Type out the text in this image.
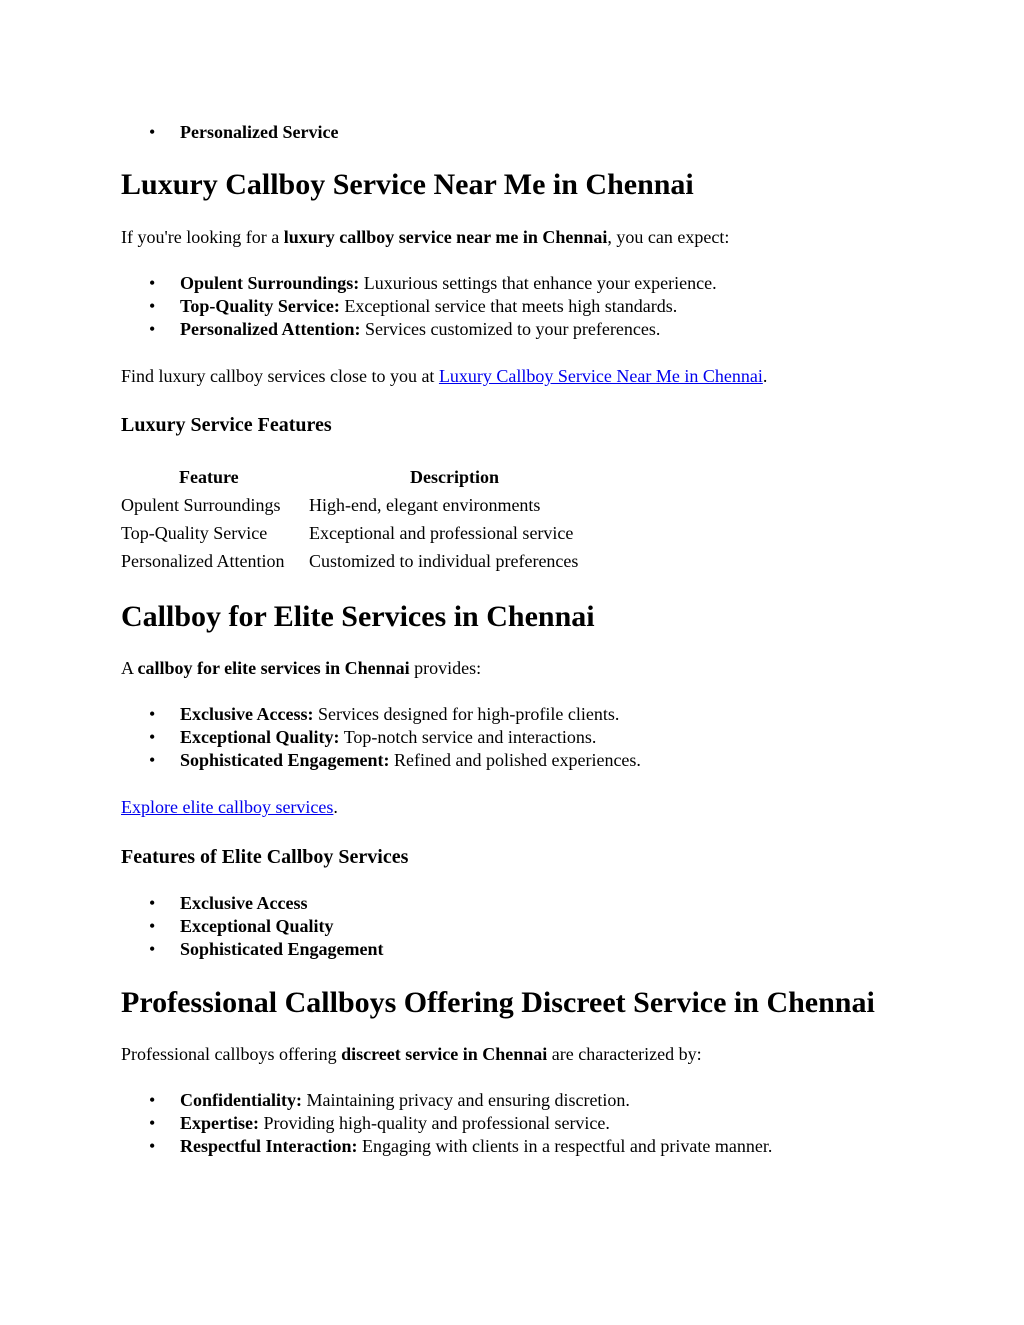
• Personalized Service
Luxury Callboy Service Near Me in Chennai

If you're looking for a luxury callboy service near me in Chennai, you can expect:

• Opulent Surroundings: Luxurious settings that enhance your experience.
• Top-Quality Service: Exceptional service that meets high standards.
• Personalized Attention: Services customized to your preferences.

Find luxury callboy services close to you at Luxury Callboy Service Near Me in Chennai.

Luxury Service Features
Feature	Description
Opulent Surroundings High-end, elegant environments
Top-Quality Service Exceptional and professional service
Personalized Attention Customized to individual preferences
Callboy for Elite Services in Chennai

A callboy for elite services in Chennai provides:

• Exclusive Access: Services designed for high-profile clients.
• Exceptional Quality: Top-notch service and interactions.
• Sophisticated Engagement: Refined and polished experiences.

Explore elite callboy services.

Features of Elite Callboy Services
• Exclusive Access
• Exceptional Quality
• Sophisticated Engagement
Professional Callboys Offering Discreet Service in Chennai

Professional callboys offering discreet service in Chennai are characterized by:

• Confidentiality: Maintaining privacy and ensuring discretion.
• Expertise: Providing high-quality and professional service.
• Respectful Interaction: Engaging with clients in a respectful and private manner.
